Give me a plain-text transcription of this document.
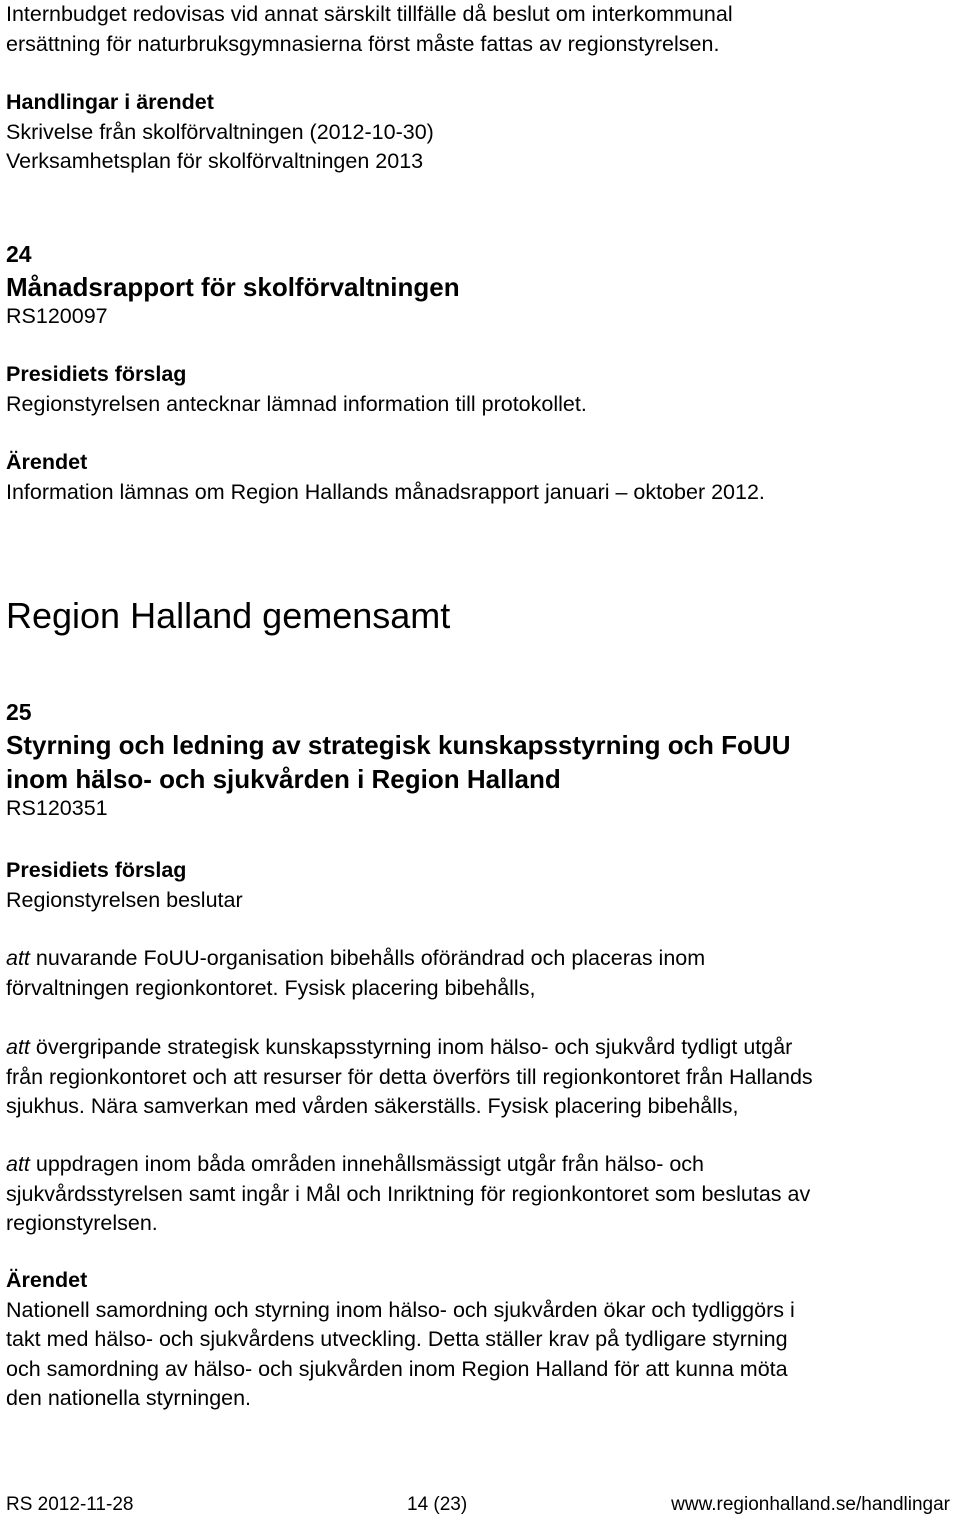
Internbudget redovisas vid annat särskilt tillfälle då beslut om interkommunal

ersättning för naturbruksgymnasierna först måste fattas av regionstyrelsen.

Handlingar i ärendet

Skrivelse från skolförvaltningen (2012-10-30)

Verksamhetsplan för skolförvaltningen 2013

24

Månadsrapport för skolförvaltningen

RS120097

Presidiets förslag

Regionstyrelsen antecknar lämnad information till protokollet.

Ärendet

Information lämnas om Region Hallands månadsrapport januari – oktober 2012.

Region Halland gemensamt

25

Styrning och ledning av strategisk kunskapsstyrning och FoUU

inom hälso- och sjukvården i Region Halland

RS120351

Presidiets förslag

Regionstyrelsen beslutar

att nuvarande FoUU-organisation bibehålls oförändrad och placeras inom

förvaltningen regionkontoret. Fysisk placering bibehålls,

att övergripande strategisk kunskapsstyrning inom hälso- och sjukvård tydligt utgår

från regionkontoret och att resurser för detta överförs till regionkontoret från Hallands

sjukhus. Nära samverkan med vården säkerställs. Fysisk placering bibehålls,

att uppdragen inom båda områden innehållsmässigt utgår från hälso- och

sjukvårdsstyrelsen samt ingår i Mål och Inriktning för regionkontoret som beslutas av

regionstyrelsen.

Ärendet

Nationell samordning och styrning inom hälso- och sjukvården ökar och tydliggörs i

takt med hälso- och sjukvårdens utveckling. Detta ställer krav på tydligare styrning

och samordning av hälso- och sjukvården inom Region Halland för att kunna möta

den nationella styrningen.

RS 2012-11-28	14 (23)	www.regionhalland.se/handlingar
